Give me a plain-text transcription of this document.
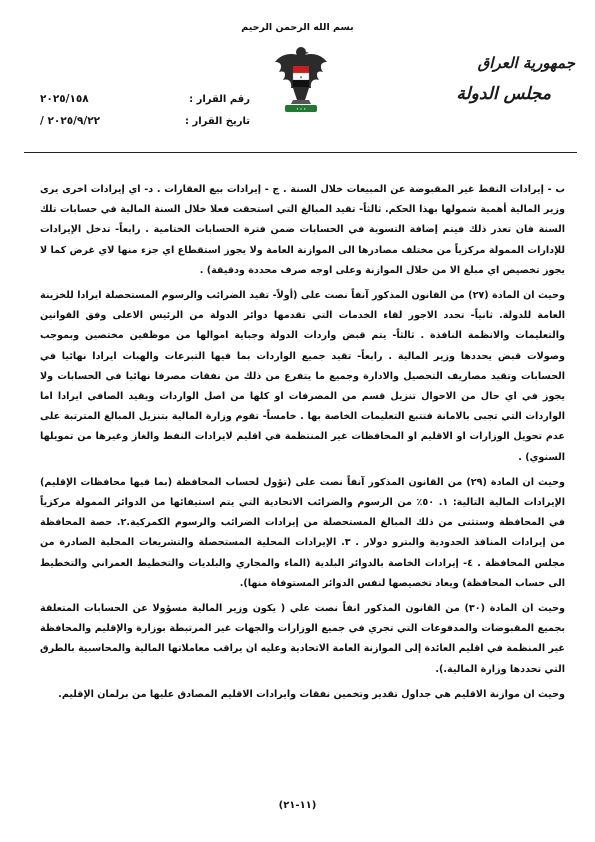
بسم الله الرحمن الرحيم
★
• • •
جمهورية العراق
مجلس الدولة
رقم القرار :
٢٠٢٥/١٥٨
تاريخ القرار :
٢٠٢٥/٩/٢٢ /

ب - إيرادات النفط غير المقبوضة عن المبيعات خلال السنة . ج - إيرادات بيع العقارات . د- اي إيرادات اخرى يرى وزير المالية أهمية شمولها بهذا الحكم. ثالثاً- تقيد المبالغ التي استحقت فعلا خلال السنة المالية في حسابات تلك السنة فان تعذر ذلك فيتم إضافة التسوية في الحسابات ضمن فترة الحسابات الختامية . رابعاً- تدخل الإيرادات للإدارات الممولة مركزياً من مختلف مصادرها الى الموازنة العامة ولا يجوز استقطاع اي جزء منها لاي غرض كما لا يجوز تخصيص اي مبلغ الا من خلال الموازنة وعلى اوجه صرف محددة ودقيقة) .

وحيث ان المادة (٢٧) من القانون المذكور آنفاً نصت على (أولاً- تقيد الضرائب والرسوم المستحصلة ايرادا للخزينة العامة للدولة. ثانياً- تحدد الاجور لقاء الخدمات التي تقدمها دوائر الدولة من الرئيس الاعلى وفق القوانين والتعليمات والانظمة النافذة . ثالثاً- يتم قبض واردات الدولة وجباية اموالها من موظفين مختصين وبموجب وصولات قبض يحددها وزير المالية . رابعاً- تقيد جميع الواردات بما فيها التبرعات والهبات ايرادا نهائيا في الحسابات وتقيد مصاريف التحصيل والادارة وجميع ما يتفرع من ذلك من نفقات مصرفا نهائيا في الحسابات ولا يجوز في اي حال من الاحوال تنزيل قسم من المصرفات او كلها من اصل الواردات ويقيد الصافي ايرادا اما الواردات التي تجبى بالامانة فتتبع التعليمات الخاصة بها . خامساً- تقوم وزارة المالية بتنزيل المبالغ المترتبة على عدم تحويل الوزارات او الاقليم او المحافظات غير المنتظمة في اقليم لايرادات النفط والغاز وغيرها من تمويلها السنوي) .

وحيث ان المادة (٢٩) من القانون المذكور آنفاً نصت على (تؤول لحساب المحافظة (بما فيها محافظات الإقليم) الإيرادات المالية التالية: ١. ٥٠٪ من الرسوم والضرائب الاتحادية التي يتم استيفائها من الدوائر الممولة مركزياً في المحافظة وستثنى من ذلك المبالغ المستحصلة من إيرادات الضرائب والرسوم الكمركية.٢. حصة المحافظة من إيرادات المنافذ الحدودية والبترو دولار . ٣. الإيرادات المحلية المستحصلة والتشريعات المحلية الصادرة من مجلس المحافظة . ٤- إيرادات الخاصة بالدوائر البلدية (الماء والمجاري والبلديات والتخطيط العمراني والتخطيط الى حساب المحافظة) ويعاد تخصيصها لنفس الدوائر المستوفاة منها).

وحيث ان المادة (٣٠) من القانون المذكور انفاً نصت علي ( يكون وزير المالية مسؤولا عن الحسابات المتعلقة بجميع المقبوضات والمدفوعات التي تجري في جميع الوزارات والجهات غير المرتبطة بوزارة والإقليم والمحافظة غير المنظمة في اقليم العائدة إلى الموازنة العامة الاتحادية وعليه ان يراقب معاملاتها المالية والمحاسبية بالطرق التي تحددها وزارة المالية.).

وحيث ان موازنة الاقليم هي جداول تقدير وتخمين نفقات وايرادات الاقليم المصادق عليها من برلمان الإقليم.

(١١-٢١)
